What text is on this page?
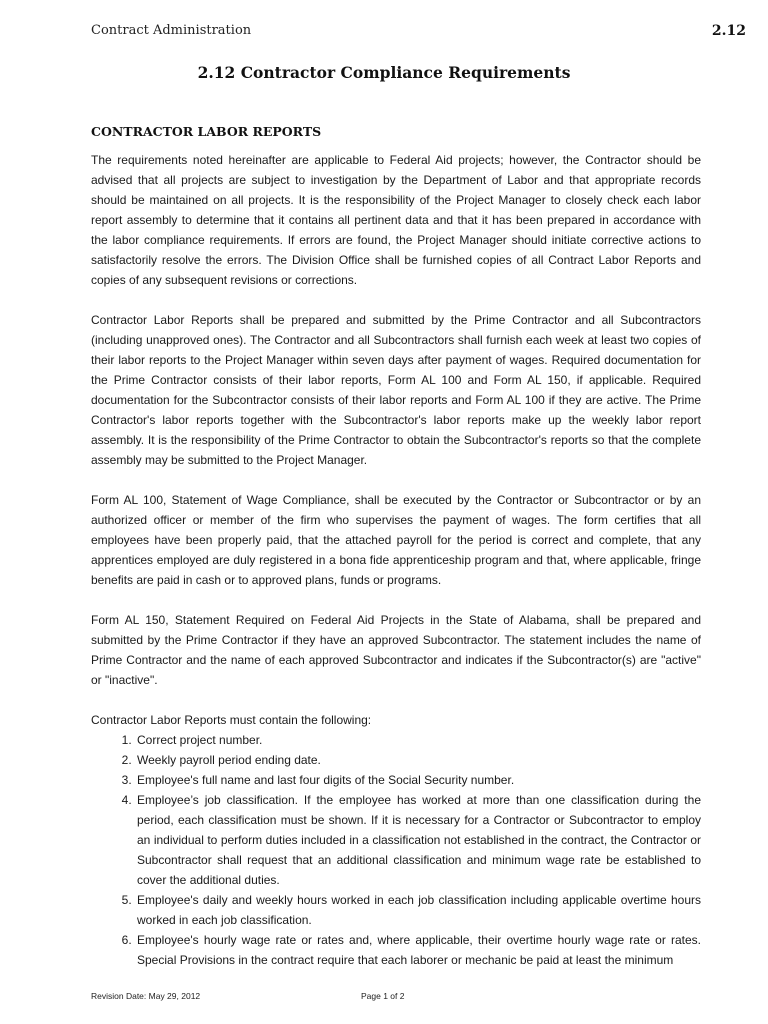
Contract Administration	2.12
2.12 Contractor Compliance Requirements
CONTRACTOR LABOR REPORTS

The requirements noted hereinafter are applicable to Federal Aid projects; however, the Contractor should be advised that all projects are subject to investigation by the Department of Labor and that appropriate records should be maintained on all projects. It is the responsibility of the Project Manager to closely check each labor report assembly to determine that it contains all pertinent data and that it has been prepared in accordance with the labor compliance requirements. If errors are found, the Project Manager should initiate corrective actions to satisfactorily resolve the errors. The Division Office shall be furnished copies of all Contract Labor Reports and copies of any subsequent revisions or corrections.

Contractor Labor Reports shall be prepared and submitted by the Prime Contractor and all Subcontractors (including unapproved ones). The Contractor and all Subcontractors shall furnish each week at least two copies of their labor reports to the Project Manager within seven days after payment of wages. Required documentation for the Prime Contractor consists of their labor reports, Form AL 100 and Form AL 150, if applicable. Required documentation for the Subcontractor consists of their labor reports and Form AL 100 if they are active. The Prime Contractor's labor reports together with the Subcontractor's labor reports make up the weekly labor report assembly. It is the responsibility of the Prime Contractor to obtain the Subcontractor's reports so that the complete assembly may be submitted to the Project Manager.

Form AL 100, Statement of Wage Compliance, shall be executed by the Contractor or Subcontractor or by an authorized officer or member of the firm who supervises the payment of wages. The form certifies that all employees have been properly paid, that the attached payroll for the period is correct and complete, that any apprentices employed are duly registered in a bona fide apprenticeship program and that, where applicable, fringe benefits are paid in cash or to approved plans, funds or programs.

Form AL 150, Statement Required on Federal Aid Projects in the State of Alabama, shall be prepared and submitted by the Prime Contractor if they have an approved Subcontractor. The statement includes the name of Prime Contractor and the name of each approved Subcontractor and indicates if the Subcontractor(s) are "active" or "inactive".

Contractor Labor Reports must contain the following:

1. Correct project number.
2. Weekly payroll period ending date.
3. Employee's full name and last four digits of the Social Security number.
4. Employee’s job classification. If the employee has worked at more than one classification during the period, each classification must be shown. If it is necessary for a Contractor or Subcontractor to employ an individual to perform duties included in a classification not established in the contract, the Contractor or Subcontractor shall request that an additional classification and minimum wage rate be established to cover the additional duties.
5. Employee's daily and weekly hours worked in each job classification including applicable overtime hours worked in each job classification.
6. Employee's hourly wage rate or rates and, where applicable, their overtime hourly wage rate or rates. Special Provisions in the contract require that each laborer or mechanic be paid at least the minimum
Revision Date: May 29, 2012	Page 1 of 2
